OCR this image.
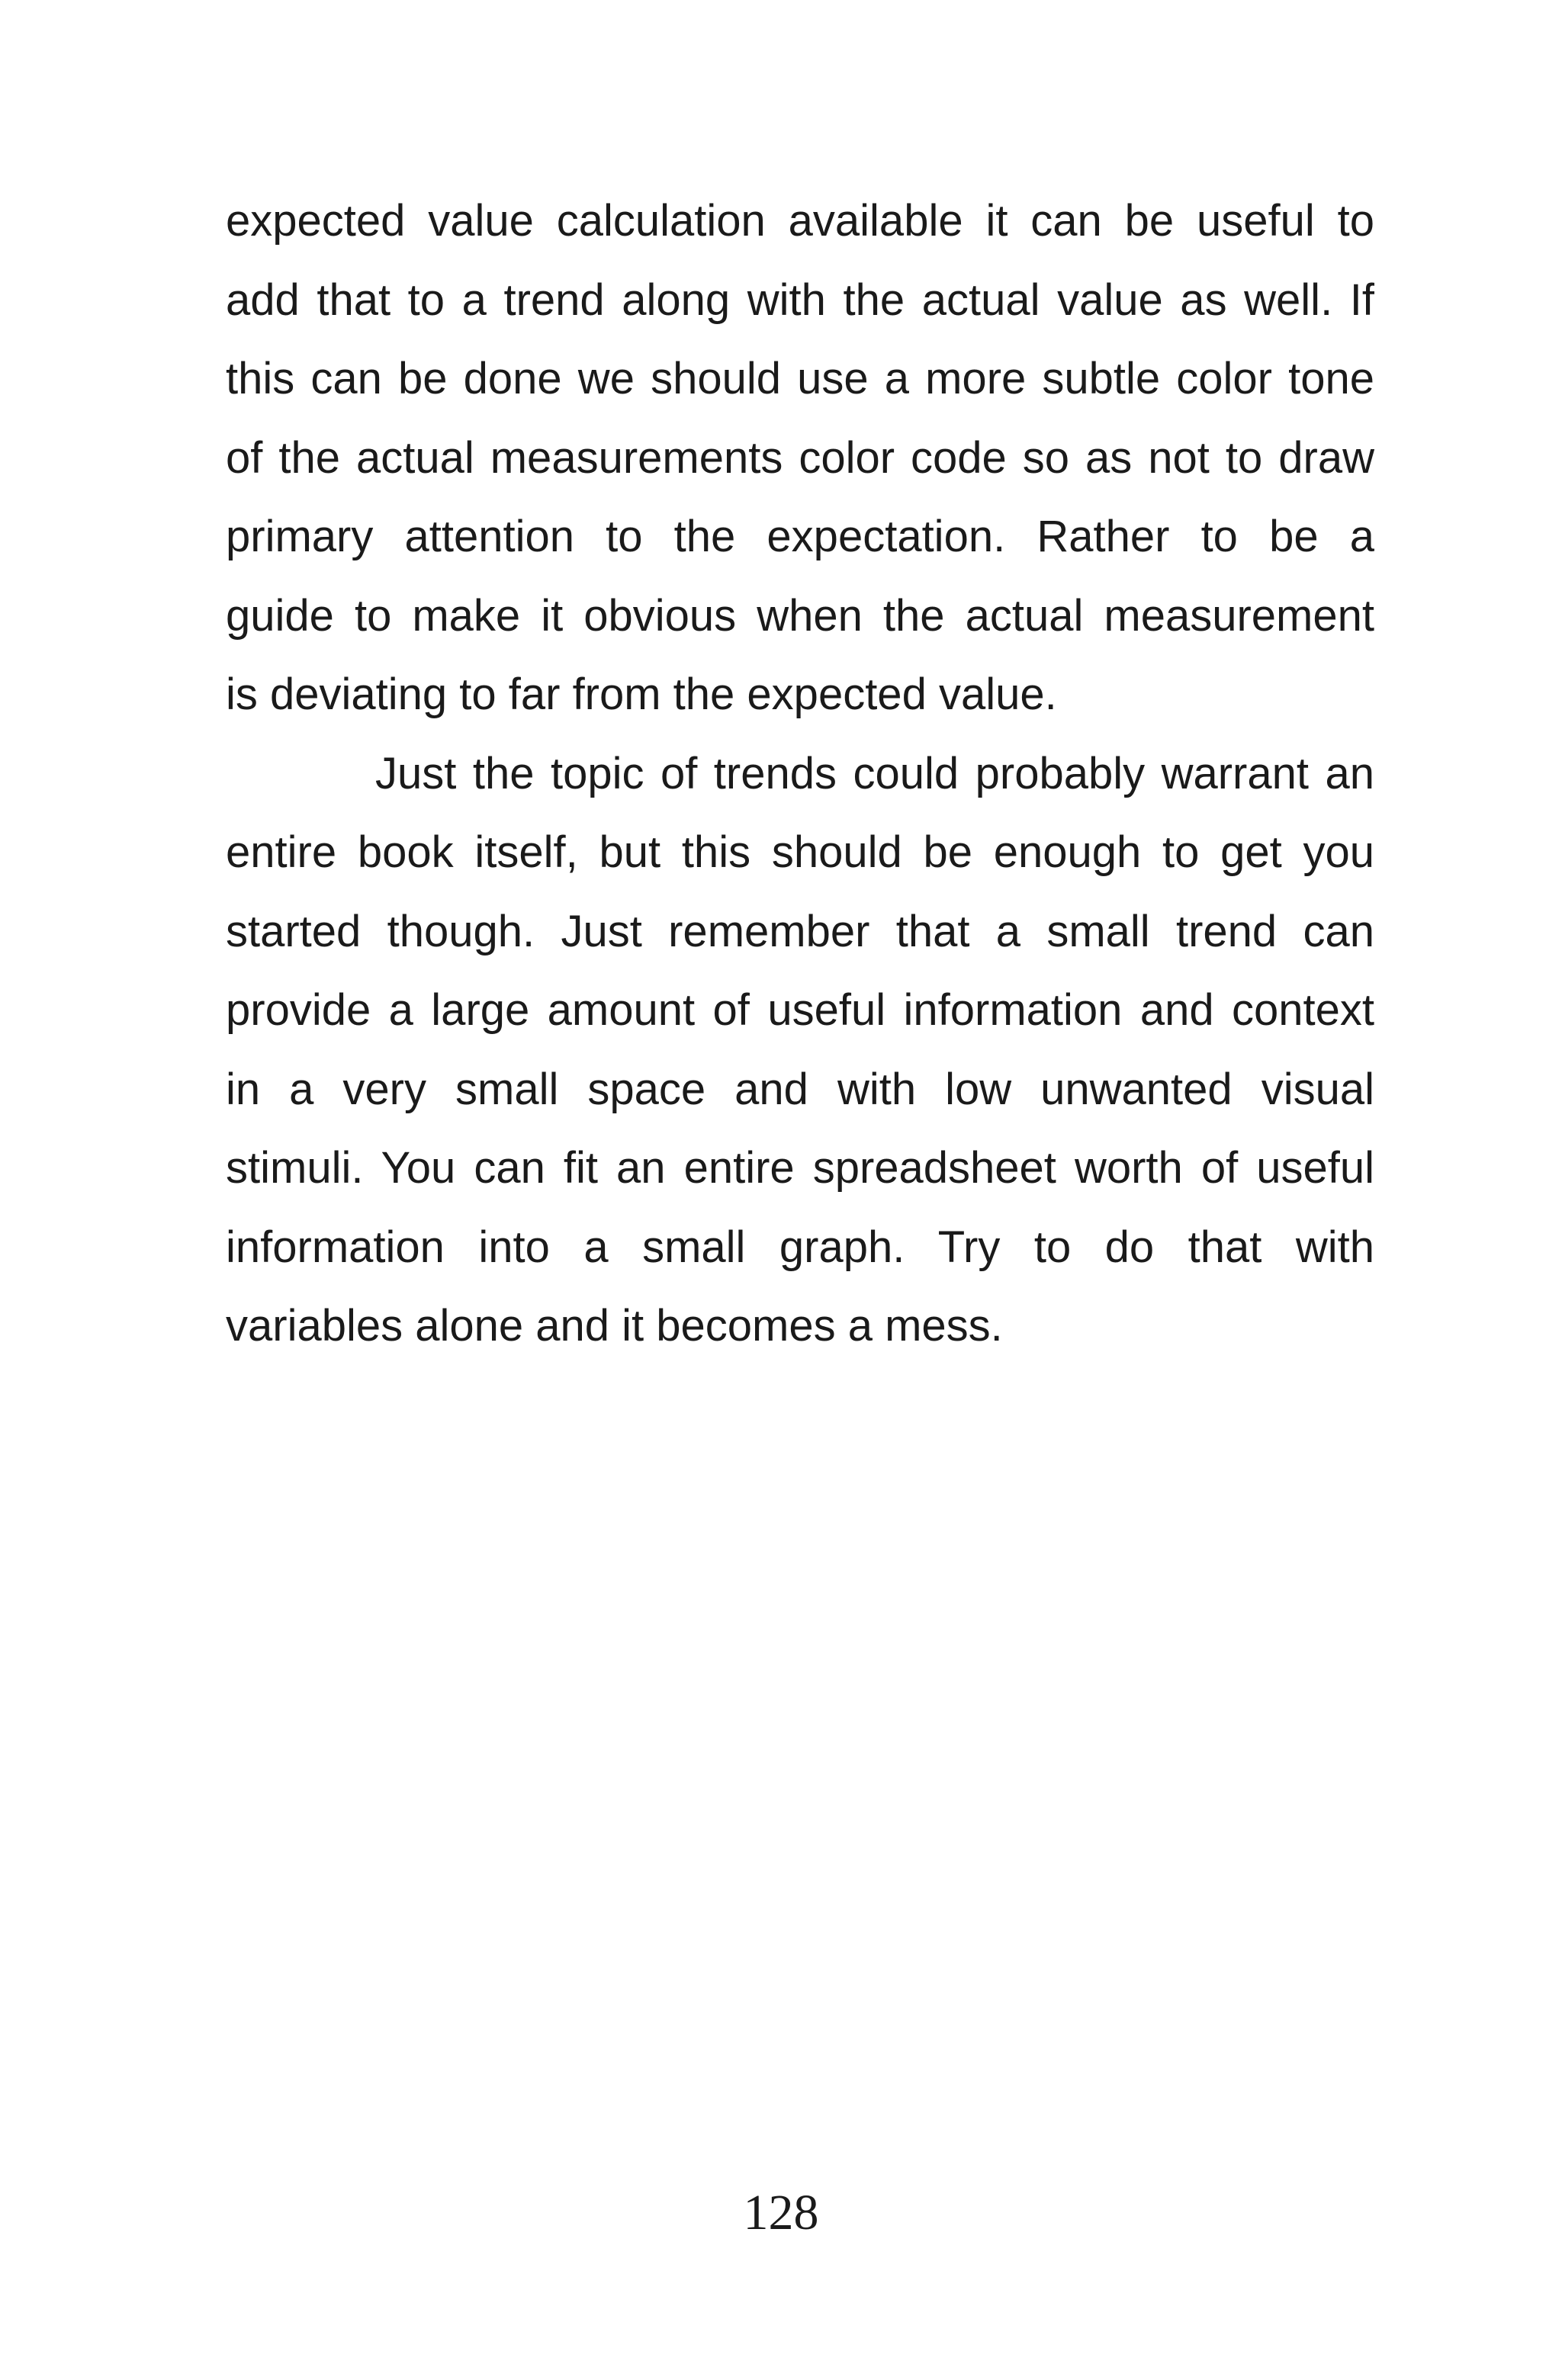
expected value calculation available it can be useful to
add that to a trend along with the actual value as well. If
this can be done we should use a more subtle color tone
of the actual measurements color code so as not to draw
primary attention to the expectation. Rather to be a
guide to make it obvious when the actual measurement
is deviating to far from the expected value.
Just the topic of trends could probably warrant an
entire book itself, but this should be enough to get you
started though. Just remember that a small trend can
provide a large amount of useful information and context
in a very small space and with low unwanted visual
stimuli. You can fit an entire spreadsheet worth of useful
information into a small graph. Try to do that with
variables alone and it becomes a mess.
128
